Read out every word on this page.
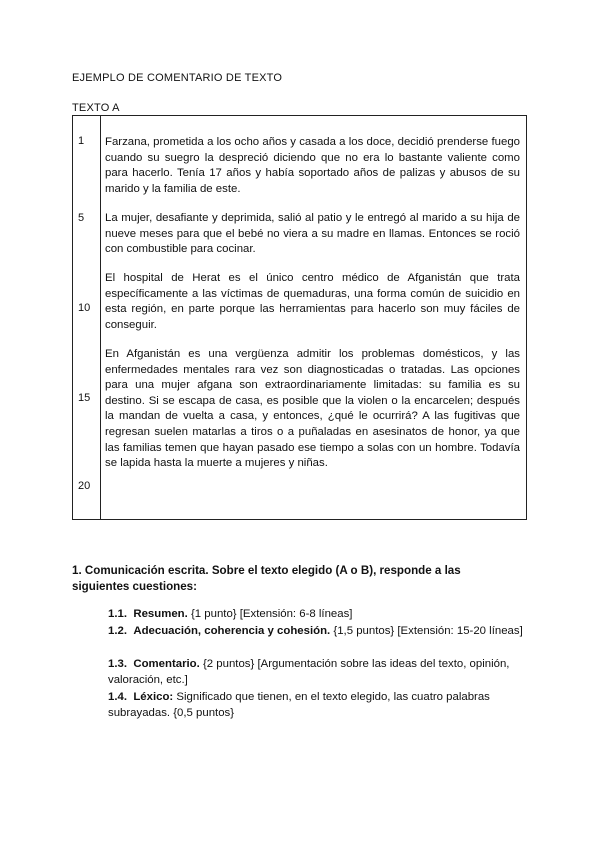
EJEMPLO DE COMENTARIO DE TEXTO
TEXTO A
1
5
10
15
20

Farzana, prometida a los ocho años y casada a los doce, decidió prenderse fuego cuando su suegro la despreció diciendo que no era lo bastante valiente como para hacerlo. Tenía 17 años y había soportado años de palizas y abusos de su marido y la familia de este.

La mujer, desafiante y deprimida, salió al patio y le entregó al marido a su hija de nueve meses para que el bebé no viera a su madre en llamas. Entonces se roció con combustible para cocinar.

El hospital de Herat es el único centro médico de Afganistán que trata específicamente a las víctimas de quemaduras, una forma común de suicidio en esta región, en parte porque las herramientas para hacerlo son muy fáciles de conseguir.

En Afganistán es una vergüenza admitir los problemas domésticos, y las enfermedades mentales rara vez son diagnosticadas o tratadas. Las opciones para una mujer afgana son extraordinariamente limitadas: su familia es su destino. Si se escapa de casa, es posible que la violen o la encarcelen; después la mandan de vuelta a casa, y entonces, ¿qué le ocurrirá? A las fugitivas que regresan suelen matarlas a tiros o a puñaladas en asesinatos de honor, ya que las familias temen que hayan pasado ese tiempo a solas con un hombre. Todavía se lapida hasta la muerte a mujeres y niñas.

1. Comunicación escrita. Sobre el texto elegido (A o B), responde a las siguientes cuestiones:

1.1. Resumen. {1 punto} [Extensión: 6-8 líneas]

1.2. Adecuación, coherencia y cohesión. {1,5 puntos} [Extensión: 15-20 líneas]

1.3. Comentario. {2 puntos} [Argumentación sobre las ideas del texto, opinión, valoración, etc.]

1.4. Léxico: Significado que tienen, en el texto elegido, las cuatro palabras subrayadas. {0,5 puntos}
